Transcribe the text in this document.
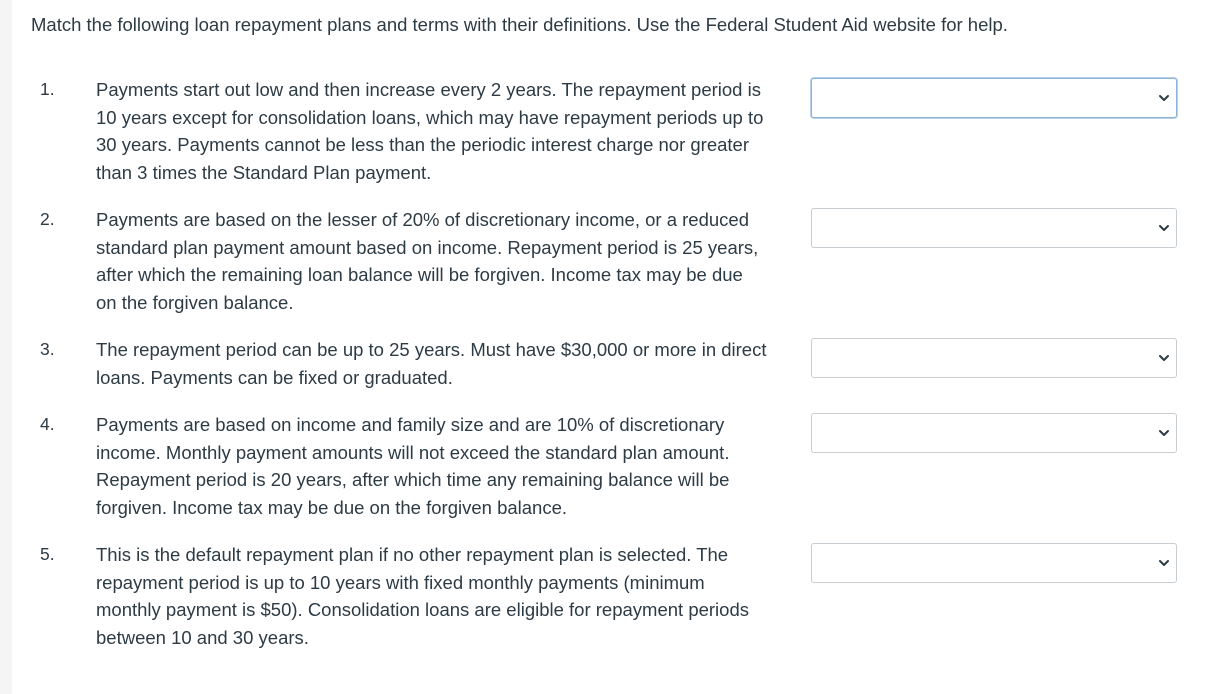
Match the following loan repayment plans and terms with their definitions. Use the Federal Student Aid website for help.
1. Payments start out low and then increase every 2 years. The repayment period is 10 years except for consolidation loans, which may have repayment periods up to 30 years. Payments cannot be less than the periodic interest charge nor greater than 3 times the Standard Plan payment.
2. Payments are based on the lesser of 20% of discretionary income, or a reduced standard plan payment amount based on income. Repayment period is 25 years, after which the remaining loan balance will be forgiven. Income tax may be due on the forgiven balance.
3. The repayment period can be up to 25 years. Must have $30,000 or more in direct loans. Payments can be fixed or graduated.
4. Payments are based on income and family size and are 10% of discretionary income. Monthly payment amounts will not exceed the standard plan amount. Repayment period is 20 years, after which time any remaining balance will be forgiven. Income tax may be due on the forgiven balance.
5. This is the default repayment plan if no other repayment plan is selected. The repayment period is up to 10 years with fixed monthly payments (minimum monthly payment is $50). Consolidation loans are eligible for repayment periods between 10 and 30 years.
